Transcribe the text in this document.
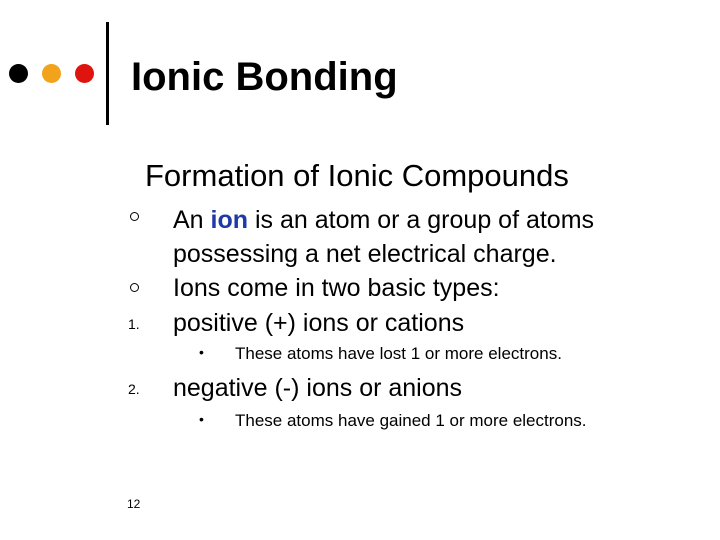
Ionic Bonding
Formation of Ionic Compounds
An ion is an atom or a group of atoms
possessing a net electrical charge.
Ions come in two basic types:
1. positive (+) ions or cations
• These atoms have lost 1 or more electrons.
2. negative (-) ions or anions
• These atoms have gained 1 or more electrons.
12
